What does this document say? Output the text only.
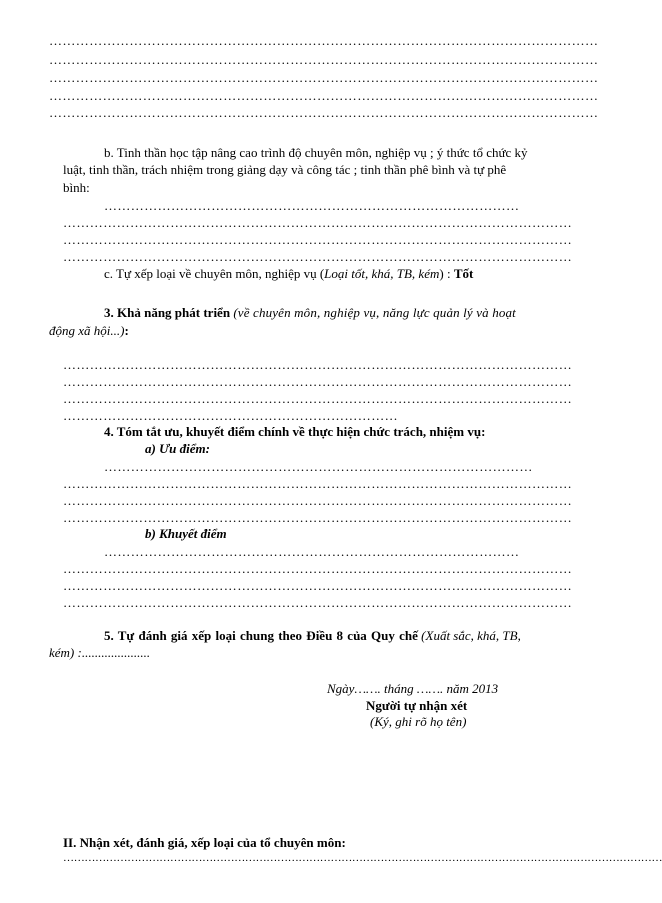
……………………………………………………………………………………………………………
……………………………………………………………………………………………………………
……………………………………………………………………………………………………………
……………………………………………………………………………………………………………
……………………………………………………………………………………………………………
b. Tinh thần học tập nâng cao trình độ chuyên môn, nghiệp vụ ; ý thức tổ chức kỷ
luật, tinh thần, trách nhiệm trong giảng dạy và công tác ; tinh thần phê bình và tự phê
bình:
…………………………………………………………………………………
……………………………………………………………………………………………………
……………………………………………………………………………………………………
……………………………………………………………………………………………………
c. Tự xếp loại về chuyên môn, nghiệp vụ (Loại tốt, khá, TB, kém) : Tốt
3. Khả năng phát triển (về chuyên môn, nghiệp vụ, năng lực quản lý và hoạt
động xã hội...):
……………………………………………………………………………………………………
……………………………………………………………………………………………………
……………………………………………………………………………………………………
…………………………………………………………………
4. Tóm tắt ưu, khuyết điểm chính về thực hiện chức trách, nhiệm vụ:
a) Ưu điểm:
……………………………………………………………………………………
……………………………………………………………………………………………………
……………………………………………………………………………………………………
……………………………………………………………………………………………………
b) Khuyết điểm
…………………………………………………………………………………
……………………………………………………………………………………………………
……………………………………………………………………………………………………
……………………………………………………………………………………………………
5. Tự đánh giá xếp loại chung theo Điều 8 của Quy chế (Xuất sắc, khá, TB,
kém) :.....................
Ngày……. tháng ……. năm 2013
Người tự nhận xét
(Ký, ghi rõ họ tên)
II. Nhận xét, đánh giá, xếp loại của tổ chuyên môn:
……………………………………………………………………………………………………………………………………………………
